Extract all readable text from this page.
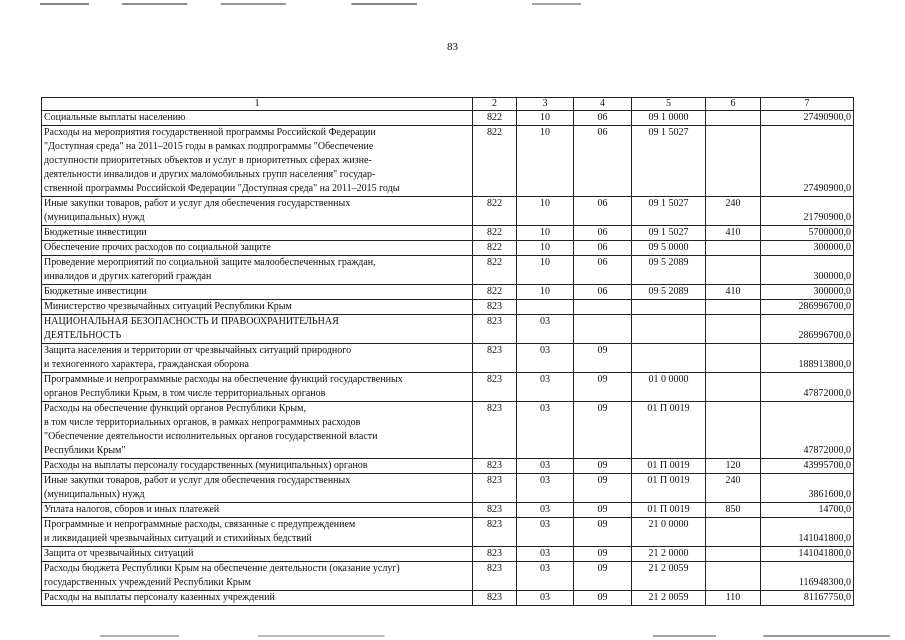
83
1	2	3	4	5	6	7

Социальные выплаты населению	822	10	06	09 1 0000		27490900,0

Расходы на мероприятия государственной программы Российской Федерации
"Доступная среда" на 2011–2015 годы в рамках подпрограммы "Обеспечение
доступности приоритетных объектов и услуг в приоритетных сферах жизне-
деятельности инвалидов и других маломобильных групп населения" государ-
ственной программы Российской Федерации "Доступная среда" на 2011–2015 годы	822	10	06	09 1 5027		27490900,0

Иные закупки товаров, работ и услуг для обеспечения государственных
(муниципальных) нужд	822	10	06	09 1 5027	240	21790900,0

Бюджетные инвестиции	822	10	06	09 1 5027	410	5700000,0

Обеспечение прочих расходов по социальной защите	822	10	06	09 5 0000		300000,0

Проведение мероприятий по социальной защите малообеспеченных граждан,
инвалидов и других категорий граждан	822	10	06	09 5 2089		300000,0

Бюджетные инвестиции	822	10	06	09 5 2089	410	300000,0

Министерство чрезвычайных ситуаций Республики Крым	823					286996700,0

НАЦИОНАЛЬНАЯ БЕЗОПАСНОСТЬ И ПРАВООХРАНИТЕЛЬНАЯ
ДЕЯТЕЛЬНОСТЬ	823	03				286996700,0

Защита населения и территории от чрезвычайных ситуаций природного
и техногенного характера, гражданская оборона	823	03	09			188913800,0

Программные и непрограммные расходы на обеспечение функций государственных
органов Республики Крым, в том числе территориальных органов	823	03	09	01 0 0000		47872000,0

Расходы на обеспечение функций органов Республики Крым,
в том числе территориальных органов, в рамках непрограммных расходов
"Обеспечение деятельности исполнительных органов государственной власти
Республики Крым"	823	03	09	01 П 0019		47872000,0

Расходы на выплаты персоналу государственных (муниципальных) органов	823	03	09	01 П 0019	120	43995700,0

Иные закупки товаров, работ и услуг для обеспечения государственных
(муниципальных) нужд	823	03	09	01 П 0019	240	3861600,0

Уплата налогов, сборов и иных платежей	823	03	09	01 П 0019	850	14700,0

Программные и непрограммные расходы, связанные с предупреждением
и ликвидацией чрезвычайных ситуаций и стихийных бедствий	823	03	09	21 0 0000		141041800,0

Защита от чрезвычайных ситуаций	823	03	09	21 2 0000		141041800,0

Расходы бюджета Республики Крым на обеспечение деятельности (оказание услуг)
государственных учреждений Республики Крым	823	03	09	21 2 0059		116948300,0

Расходы на выплаты персоналу казенных учреждений	823	03	09	21 2 0059	110	81167750,0
